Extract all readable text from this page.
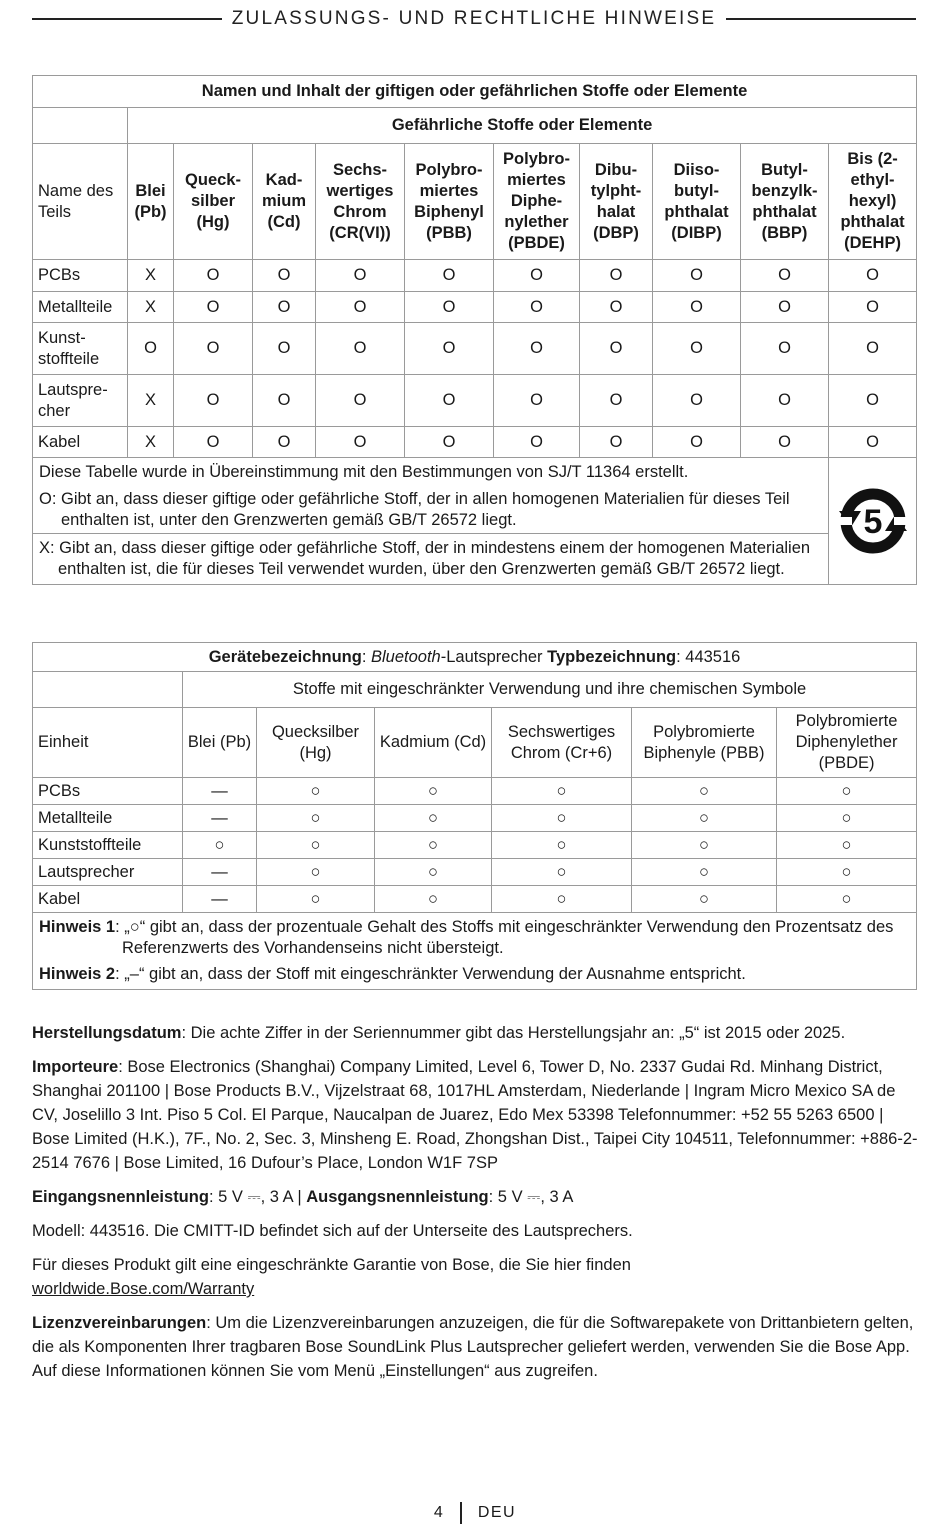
ZULASSUNGS- UND RECHTLICHE HINWEISE
Namen und Inhalt der giftigen oder gefährlichen Stoffe oder Elemente										
	Gefährliche Stoffe oder Elemente									
Name des Teils	Blei (Pb)	Queck-silber (Hg)	Kad-mium (Cd)	Sechs-wertiges Chrom (CR(VI))	Polybro-miertes Biphenyl (PBB)	Polybro-miertes Diphe-nylether (PBDE)	Dibu-tylpht-halat (DBP)	Diiso-butyl-phthalat (DIBP)	Butyl-benzylk-phthalat (BBP)	Bis (2-ethyl-hexyl) phthalat (DEHP)
PCBs	X	O	O	O	O	O	O	O	O	O
Metallteile	X	O	O	O	O	O	O	O	O	O
Kunst-stoffteile	O	O	O	O	O	O	O	O	O	O
Lautspre-cher	X	O	O	O	O	O	O	O	O	O
Kabel	X	O	O	O	O	O	O	O	O	O

Diese Tabelle wurde in Übereinstimmung mit den Bestimmungen von SJ/T 11364 erstellt.
O: Gibt an, dass dieser giftige oder gefährliche Stoff, der in allen homogenen Materialien für dieses Teil enthalten ist, unter den Grenzwerten gemäß GB/T 26572 liegt.										5

X: Gibt an, dass dieser giftige oder gefährliche Stoff, der in mindestens einem der homogenen Materialien enthalten ist, die für dieses Teil verwendet wurden, über den Grenzwerten gemäß GB/T 26572 liegt.										
Gerätebezeichnung: Bluetooth-Lautsprecher Typbezeichnung: 443516						
	Stoffe mit eingeschränkter Verwendung und ihre chemischen Symbole					
Einheit	Blei (Pb)	Quecksilber (Hg)	Kadmium (Cd)	Sechswertiges Chrom (Cr+6)	Polybromierte Biphenyle (PBB)	Polybromierte Diphenylether (PBDE)
PCBs	—	○	○	○	○	○
Metallteile	—	○	○	○	○	○
Kunststoffteile	○	○	○	○	○	○
Lautsprecher	—	○	○	○	○	○
Kabel	—	○	○	○	○	○

Hinweis 1: „○“ gibt an, dass der prozentuale Gehalt des Stoffs mit eingeschränkter Verwendung den Prozentsatz des Referenzwerts des Vorhandenseins nicht übersteigt.
Hinweis 2: „–“ gibt an, dass der Stoff mit eingeschränkter Verwendung der Ausnahme entspricht.						

Herstellungsdatum: Die achte Ziffer in der Seriennummer gibt das Herstellungsjahr an: „5“ ist 2015 oder 2025.

Importeure: Bose Electronics (Shanghai) Company Limited, Level 6, Tower D, No. 2337 Gudai Rd. Minhang District, Shanghai 201100 | Bose Products B.V., Vijzelstraat 68, 1017HL Amsterdam, Niederlande | Ingram Micro Mexico SA de CV, Joselillo 3 Int. Piso 5 Col. El Parque, Naucalpan de Juarez, Edo Mex 53398 Telefonnummer: +52 55 5263 6500 | Bose Limited (H.K.), 7F., No. 2, Sec. 3, Minsheng E. Road, Zhongshan Dist., Taipei City 104511, Telefonnummer: +886-2-2514 7676 | Bose Limited, 16 Dufour’s Place, London W1F 7SP

Eingangsnennleistung: 5 V ⎓, 3 A | Ausgangsnennleistung: 5 V ⎓, 3 A

Modell: 443516. Die CMITT-ID befindet sich auf der Unterseite des Lautsprechers.

Für dieses Produkt gilt eine eingeschränkte Garantie von Bose, die Sie hier finden
worldwide.Bose.com/Warranty

Lizenzvereinbarungen: Um die Lizenzvereinbarungen anzuzeigen, die für die Softwarepakete von Drittanbietern gelten, die als Komponenten Ihrer tragbaren Bose SoundLink Plus Lautsprecher geliefert werden, verwenden Sie die Bose App. Auf diese Informationen können Sie vom Menü „Einstellungen“ aus zugreifen.

4 DEU
